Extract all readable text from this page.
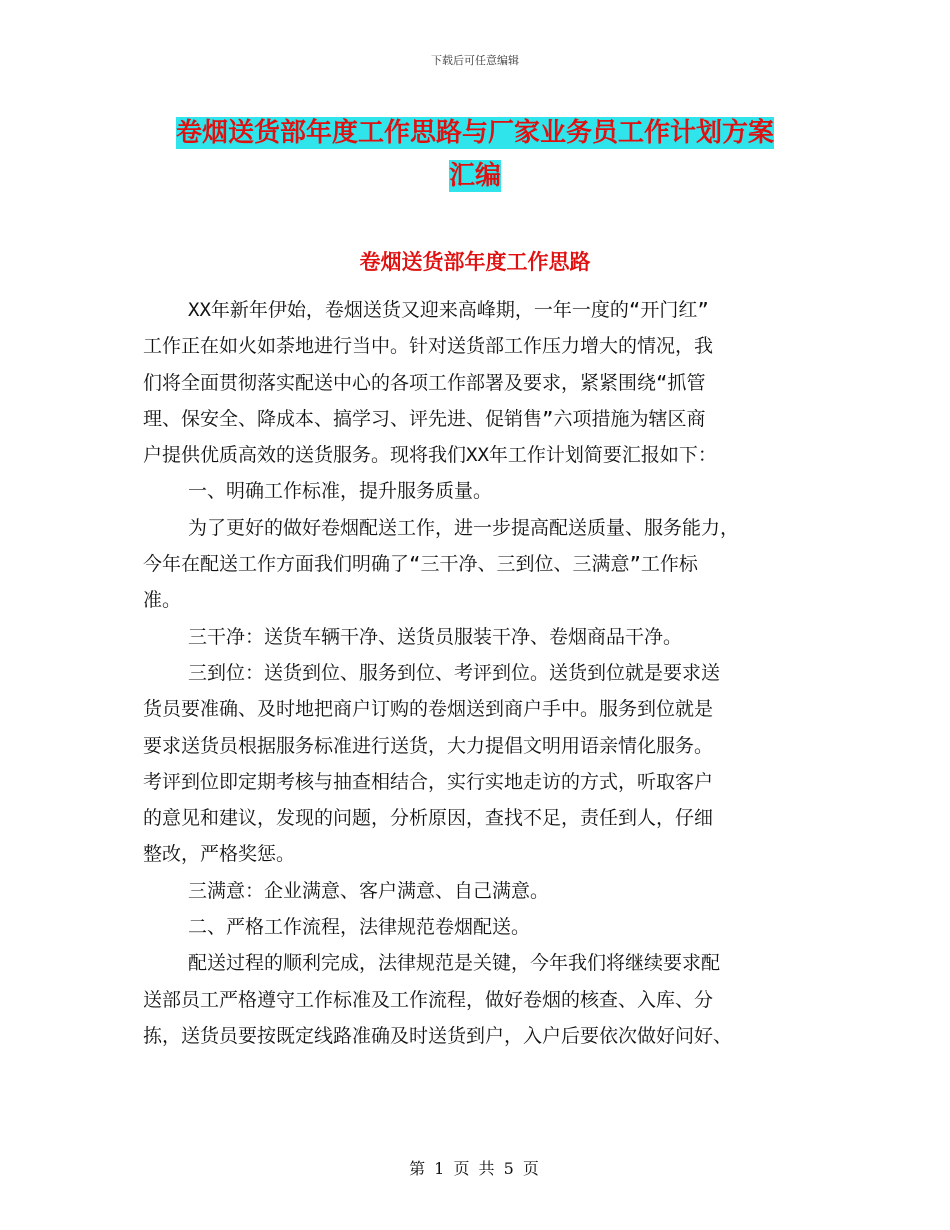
下载后可任意编辑
卷烟送货部年度工作思路与厂家业务员工作计划方案
汇编
卷烟送货部年度工作思路

XX年新年伊始，卷烟送货又迎来高峰期，一年一度的“开门红”

工作正在如火如荼地进行当中。针对送货部工作压力增大的情况，我

们将全面贯彻落实配送中心的各项工作部署及要求，紧紧围绕“抓管

理、保安全、降成本、搞学习、评先进、促销售”六项措施为辖区商

户提供优质高效的送货服务。现将我们XX年工作计划简要汇报如下：

一、明确工作标准，提升服务质量。

为了更好的做好卷烟配送工作，进一步提高配送质量、服务能力，

今年在配送工作方面我们明确了“三干净、三到位、三满意”工作标

准。

三干净：送货车辆干净、送货员服装干净、卷烟商品干净。

三到位：送货到位、服务到位、考评到位。送货到位就是要求送

货员要准确、及时地把商户订购的卷烟送到商户手中。服务到位就是

要求送货员根据服务标准进行送货，大力提倡文明用语亲情化服务。

考评到位即定期考核与抽查相结合，实行实地走访的方式，听取客户

的意见和建议，发现的问题，分析原因，查找不足，责任到人，仔细

整改，严格奖惩。

三满意：企业满意、客户满意、自己满意。

二、严格工作流程，法律规范卷烟配送。

配送过程的顺利完成，法律规范是关键，今年我们将继续要求配

送部员工严格遵守工作标准及工作流程，做好卷烟的核查、入库、分

拣，送货员要按既定线路准确及时送货到户，入户后要依次做好问好、

第 1 页 共 5 页
